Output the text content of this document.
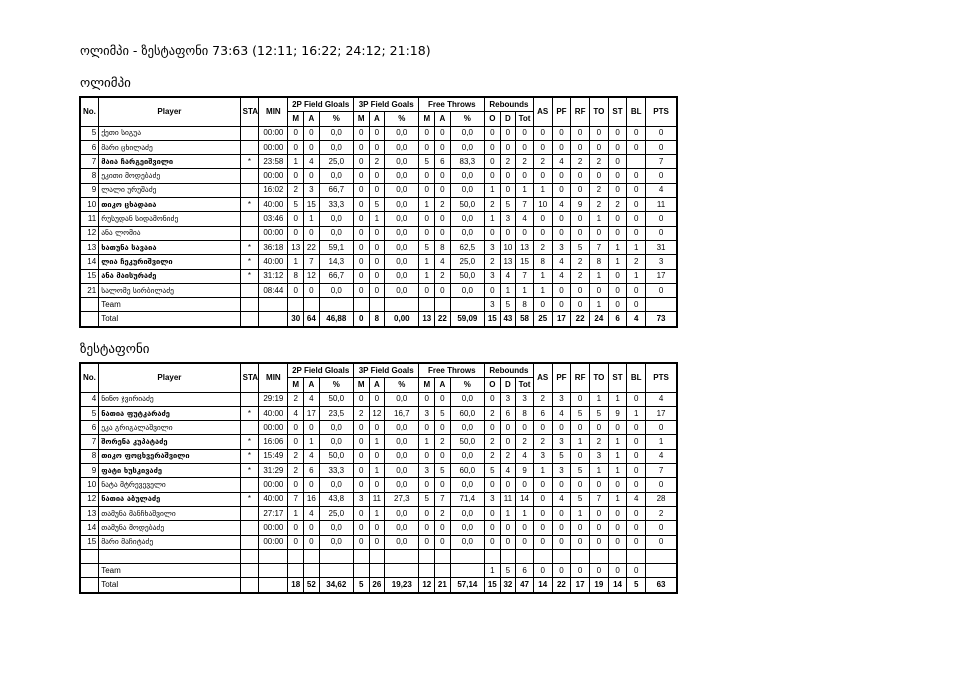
ოლიმპი - ზესტაფონი 73:63 (12:11; 16:22; 24:12; 21:18)
ოლიმპი
No.	Player	STA	MIN	2P Field Gloals			3P Field Goals			Free Throws			Rebounds			AS	PF	RF	TO	ST	BL	PTS
				M	A	%	M	A	%	M	A	%	O	D	Tot							
5	ქეთი სიგუა		00:00	0	0	0,0	0	0	0,0	0	0	0,0	0	0	0	0	0	0	0	0	0	0
6	მარი ცხილაძე		00:00	0	0	0,0	0	0	0,0	0	0	0,0	0	0	0	0	0	0	0	0	0	0
7	მაია ჩარგეიშვილი	*	23:58	1	4	25,0	0	2	0,0	5	6	83,3	0	2	2	2	4	2	2	0		7
8	ეკითი მოდებაძე		00:00	0	0	0,0	0	0	0,0	0	0	0,0	0	0	0	0	0	0	0	0	0	0
9	ლალი ურუშაძე		16:02	2	3	66,7	0	0	0,0	0	0	0,0	1	0	1	1	0	0	2	0	0	4
10	თიკო ცხადაია	*	40:00	5	15	33,3	0	5	0,0	1	2	50,0	2	5	7	10	4	9	2	2	0	11
11	რუსუდან სიდამონიძე		03:46	0	1	0,0	0	1	0,0	0	0	0,0	1	3	4	0	0	0	1	0	0	0
12	ანა ლომია		00:00	0	0	0,0	0	0	0,0	0	0	0,0	0	0	0	0	0	0	0	0	0	0
13	ხათუნა სავაია	*	36:18	13	22	59,1	0	0	0,0	5	8	62,5	3	10	13	2	3	5	7	1	1	31
14	ლია ჩეკურიშვილი	*	40:00	1	7	14,3	0	0	0,0	1	4	25,0	2	13	15	8	4	2	8	1	2	3
15	ანა მაისურაძე	*	31:12	8	12	66,7	0	0	0,0	1	2	50,0	3	4	7	1	4	2	1	0	1	17
21	სალომე სირბილაძე		08:44	0	0	0,0	0	0	0,0	0	0	0,0	0	1	1	1	0	0	0	0	0	0
	Team												3	5	8	0	0	0	1	0	0	
	Total			30	64	46,88	0	8	0,00	13	22	59,09	15	43	58	25	17	22	24	6	4	73
ზესტაფონი
No.	Player	STA	MIN	2P Field Gloals			3P Field Goals			Free Throws			Rebounds			AS	PF	RF	TO	ST	BL	PTS
				M	A	%	M	A	%	M	A	%	O	D	Tot							
4	ნინო ჯვირიაძე		29:19	2	4	50,0	0	0	0,0	0	0	0,0	0	3	3	2	3	0	1	1	0	4
5	ნათია ფუტკარაძე	*	40:00	4	17	23,5	2	12	16,7	3	5	60,0	2	6	8	6	4	5	5	9	1	17
6	ეკა გრიგალაშვილი		00:00	0	0	0,0	0	0	0,0	0	0	0,0	0	0	0	0	0	0	0	0	0	0
7	შორენა კუპატაძე	*	16:06	0	1	0,0	0	1	0,0	1	2	50,0	2	0	2	2	3	1	2	1	0	1
8	თიკო ფოცხვერაშვილი	*	15:49	2	4	50,0	0	0	0,0	0	0	0,0	2	2	4	3	5	0	3	1	0	4
9	ფატი ხუსკივაძე	*	31:29	2	6	33,3	0	1	0,0	3	5	60,0	5	4	9	1	3	5	1	1	0	7
10	ნატა მტრევეველი		00:00	0	0	0,0	0	0	0,0	0	0	0,0	0	0	0	0	0	0	0	0	0	0
12	ნათია აბულაძე	*	40:00	7	16	43,8	3	11	27,3	5	7	71,4	3	11	14	0	4	5	7	1	4	28
13	თამუნა მანჩხაშვილი		27:17	1	4	25,0	0	1	0,0	0	2	0,0	0	1	1	0	0	1	0	0	0	2
14	თამუნა მოდებაძე		00:00	0	0	0,0	0	0	0,0	0	0	0,0	0	0	0	0	0	0	0	0	0	0
15	მარი მაჩიტაძე		00:00	0	0	0,0	0	0	0,0	0	0	0,0	0	0	0	0	0	0	0	0	0	0

	Team												1	5	6	0	0	0	0	0	0	
	Total			18	52	34,62	5	26	19,23	12	21	57,14	15	32	47	14	22	17	19	14	5	63
